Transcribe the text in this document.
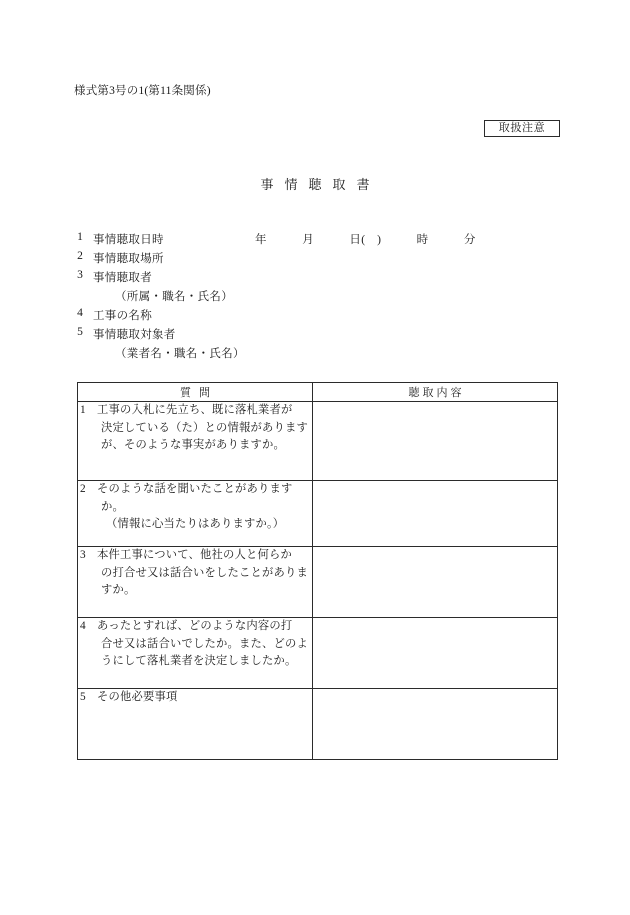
様式第3号の1(第11条関係)
取扱注意
事情聴取書
1 事情聴取日時	年　　　月　　　日(　)　　　時　　　分
2 事情聴取場所
3 事情聴取者
（所属・職名・氏名）
4 工事の名称
5 事情聴取対象者
（業者名・職名・氏名）
質問	聴取内容

1 工事の入札に先立ち、既に落札業者が
決定している（た）との情報があります
が、そのような事実がありますか。	

2 そのような話を聞いたことがあります
か。
（情報に心当たりはありますか。）	

3 本件工事について、他社の人と何らか
の打合せ又は話合いをしたことがありま
すか。	

4 あったとすれば、どのような内容の打
合せ又は話合いでしたか。また、どのよ
うにして落札業者を決定しましたか。	

5 その他必要事項	
